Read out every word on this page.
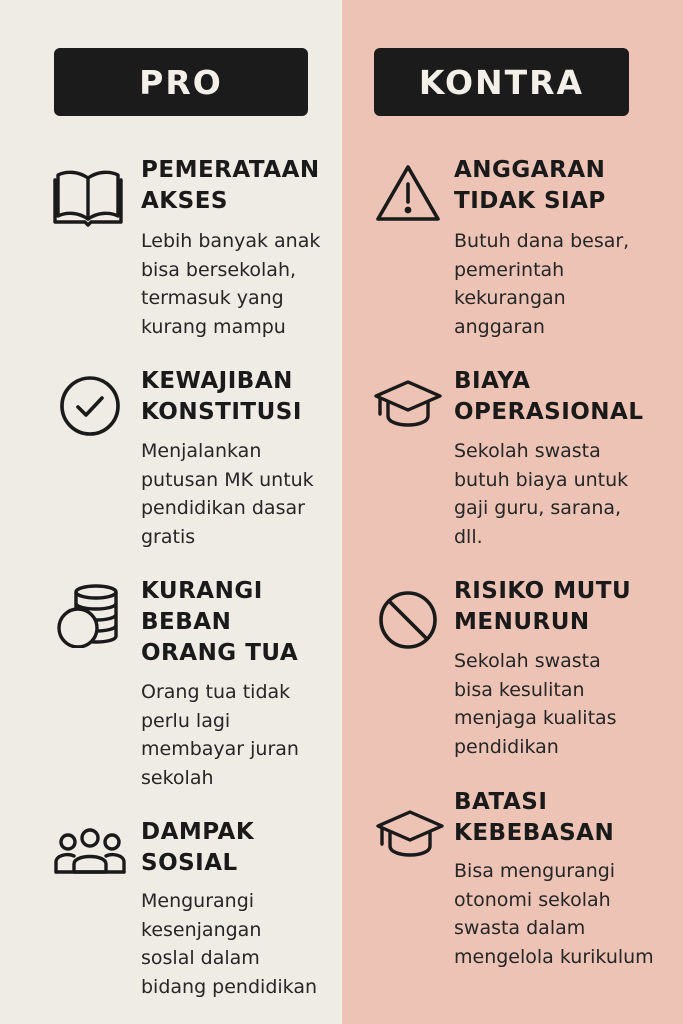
PRO
PEMERATAAN
AKSES
Lebih banyak anak
bisa bersekolah,
termasuk yang
kurang mampu
KEWAJIBAN
KONSTITUSI
Menjalankan
putusan MK untuk
pendidikan dasar
gratis
KURANGI
BEBAN
ORANG TUA
Orang tua tidak
perlu lagi
membayar juran
sekolah
DAMPAK
SOSIAL
Mengurangi
kesenjangan
soslal dalam
bidang pendidikan
KONTRA
ANGGARAN
TIDAK SIAP
Butuh dana besar,
pemerintah
kekurangan
anggaran
BIAYA
OPERASIONAL
Sekolah swasta
butuh biaya untuk
gaji guru, sarana,
dll.
RISIKO MUTU
MENURUN
Sekolah swasta
bisa kesulitan
menjaga kualitas
pendidikan
BATASI
KEBEBASAN
Bisa mengurangi
otonomi sekolah
swasta dalam
mengelola kurikulum
